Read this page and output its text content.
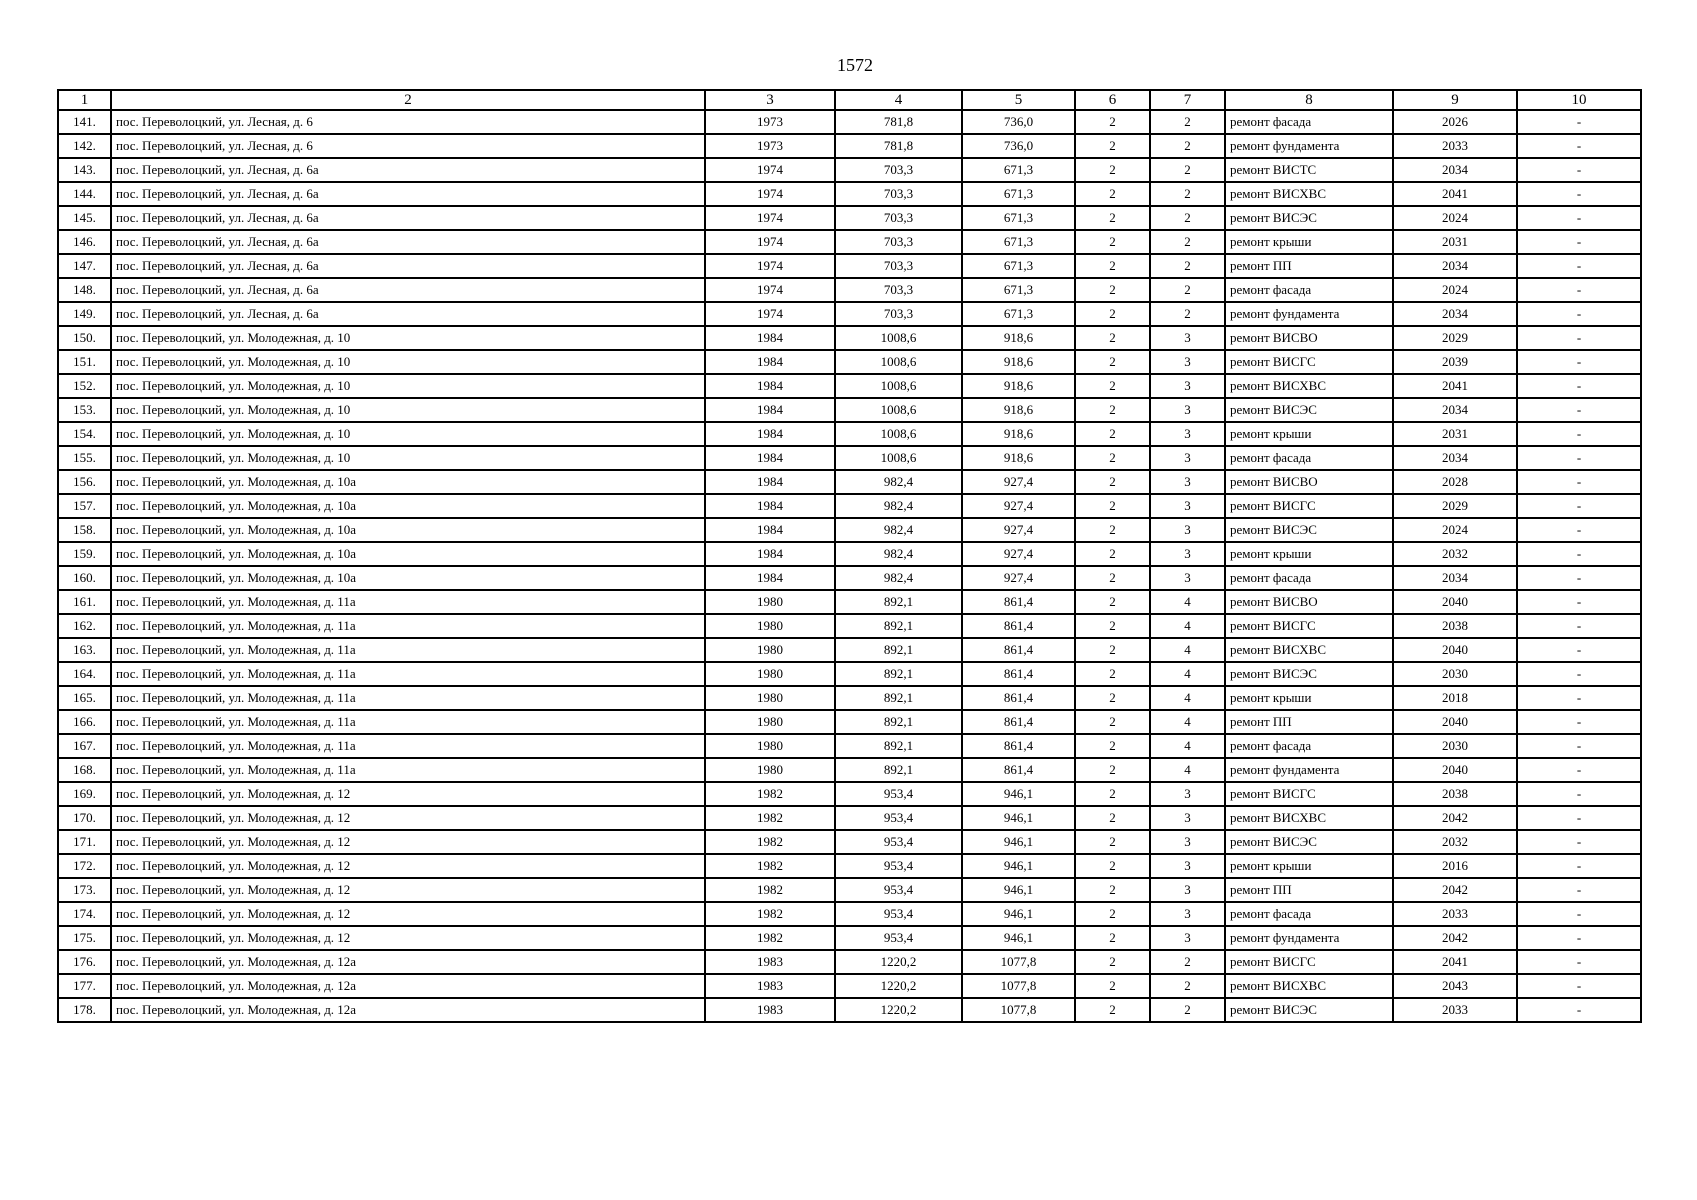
1572
1	2	3	4	5	6	7	8	9	10
141.	пос. Переволоцкий, ул. Лесная, д. 6	1973	781,8	736,0	2	2	ремонт фасада	2026	-
142.	пос. Переволоцкий, ул. Лесная, д. 6	1973	781,8	736,0	2	2	ремонт фундамента	2033	-
143.	пос. Переволоцкий, ул. Лесная, д. 6а	1974	703,3	671,3	2	2	ремонт ВИСТС	2034	-
144.	пос. Переволоцкий, ул. Лесная, д. 6а	1974	703,3	671,3	2	2	ремонт ВИСХВС	2041	-
145.	пос. Переволоцкий, ул. Лесная, д. 6а	1974	703,3	671,3	2	2	ремонт ВИСЭС	2024	-
146.	пос. Переволоцкий, ул. Лесная, д. 6а	1974	703,3	671,3	2	2	ремонт крыши	2031	-
147.	пос. Переволоцкий, ул. Лесная, д. 6а	1974	703,3	671,3	2	2	ремонт ПП	2034	-
148.	пос. Переволоцкий, ул. Лесная, д. 6а	1974	703,3	671,3	2	2	ремонт фасада	2024	-
149.	пос. Переволоцкий, ул. Лесная, д. 6а	1974	703,3	671,3	2	2	ремонт фундамента	2034	-
150.	пос. Переволоцкий, ул. Молодежная, д. 10	1984	1008,6	918,6	2	3	ремонт ВИСВО	2029	-
151.	пос. Переволоцкий, ул. Молодежная, д. 10	1984	1008,6	918,6	2	3	ремонт ВИСГС	2039	-
152.	пос. Переволоцкий, ул. Молодежная, д. 10	1984	1008,6	918,6	2	3	ремонт ВИСХВС	2041	-
153.	пос. Переволоцкий, ул. Молодежная, д. 10	1984	1008,6	918,6	2	3	ремонт ВИСЭС	2034	-
154.	пос. Переволоцкий, ул. Молодежная, д. 10	1984	1008,6	918,6	2	3	ремонт крыши	2031	-
155.	пос. Переволоцкий, ул. Молодежная, д. 10	1984	1008,6	918,6	2	3	ремонт фасада	2034	-
156.	пос. Переволоцкий, ул. Молодежная, д. 10а	1984	982,4	927,4	2	3	ремонт ВИСВО	2028	-
157.	пос. Переволоцкий, ул. Молодежная, д. 10а	1984	982,4	927,4	2	3	ремонт ВИСГС	2029	-
158.	пос. Переволоцкий, ул. Молодежная, д. 10а	1984	982,4	927,4	2	3	ремонт ВИСЭС	2024	-
159.	пос. Переволоцкий, ул. Молодежная, д. 10а	1984	982,4	927,4	2	3	ремонт крыши	2032	-
160.	пос. Переволоцкий, ул. Молодежная, д. 10а	1984	982,4	927,4	2	3	ремонт фасада	2034	-
161.	пос. Переволоцкий, ул. Молодежная, д. 11а	1980	892,1	861,4	2	4	ремонт ВИСВО	2040	-
162.	пос. Переволоцкий, ул. Молодежная, д. 11а	1980	892,1	861,4	2	4	ремонт ВИСГС	2038	-
163.	пос. Переволоцкий, ул. Молодежная, д. 11а	1980	892,1	861,4	2	4	ремонт ВИСХВС	2040	-
164.	пос. Переволоцкий, ул. Молодежная, д. 11а	1980	892,1	861,4	2	4	ремонт ВИСЭС	2030	-
165.	пос. Переволоцкий, ул. Молодежная, д. 11а	1980	892,1	861,4	2	4	ремонт крыши	2018	-
166.	пос. Переволоцкий, ул. Молодежная, д. 11а	1980	892,1	861,4	2	4	ремонт ПП	2040	-
167.	пос. Переволоцкий, ул. Молодежная, д. 11а	1980	892,1	861,4	2	4	ремонт фасада	2030	-
168.	пос. Переволоцкий, ул. Молодежная, д. 11а	1980	892,1	861,4	2	4	ремонт фундамента	2040	-
169.	пос. Переволоцкий, ул. Молодежная, д. 12	1982	953,4	946,1	2	3	ремонт ВИСГС	2038	-
170.	пос. Переволоцкий, ул. Молодежная, д. 12	1982	953,4	946,1	2	3	ремонт ВИСХВС	2042	-
171.	пос. Переволоцкий, ул. Молодежная, д. 12	1982	953,4	946,1	2	3	ремонт ВИСЭС	2032	-
172.	пос. Переволоцкий, ул. Молодежная, д. 12	1982	953,4	946,1	2	3	ремонт крыши	2016	-
173.	пос. Переволоцкий, ул. Молодежная, д. 12	1982	953,4	946,1	2	3	ремонт ПП	2042	-
174.	пос. Переволоцкий, ул. Молодежная, д. 12	1982	953,4	946,1	2	3	ремонт фасада	2033	-
175.	пос. Переволоцкий, ул. Молодежная, д. 12	1982	953,4	946,1	2	3	ремонт фундамента	2042	-
176.	пос. Переволоцкий, ул. Молодежная, д. 12а	1983	1220,2	1077,8	2	2	ремонт ВИСГС	2041	-
177.	пос. Переволоцкий, ул. Молодежная, д. 12а	1983	1220,2	1077,8	2	2	ремонт ВИСХВС	2043	-
178.	пос. Переволоцкий, ул. Молодежная, д. 12а	1983	1220,2	1077,8	2	2	ремонт ВИСЭС	2033	-
